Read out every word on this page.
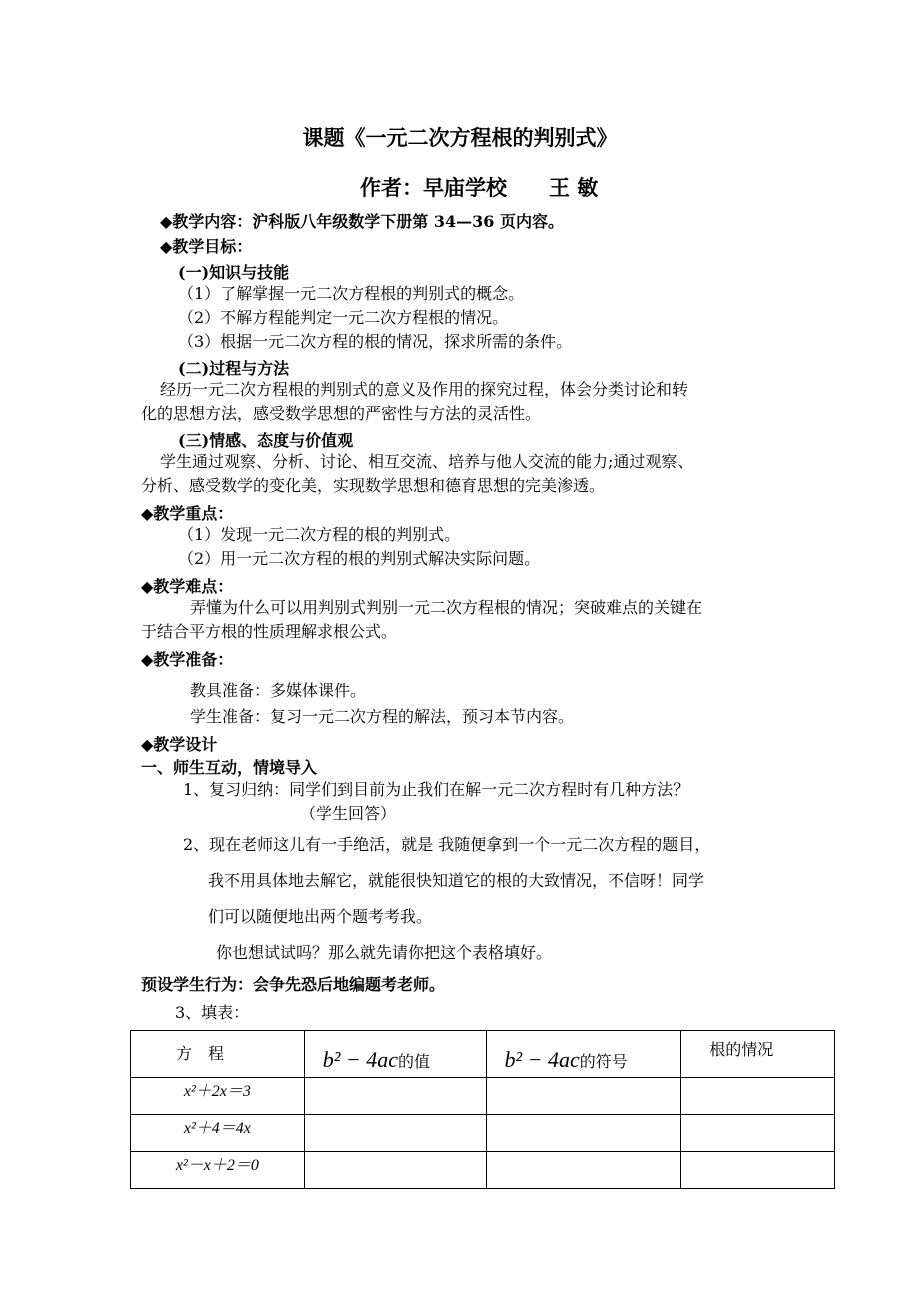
课题《一元二次方程根的判别式》
作者：早庙学校　　王 敏
◆教学内容：沪科版八年级数学下册第 34—36 页内容。
◆教学目标：
(一)知识与技能
（1）了解掌握一元二次方程根的判别式的概念。
（2）不解方程能判定一元二次方程根的情况。
（3）根据一元二次方程的根的情况，探求所需的条件。
(二)过程与方法
经历一元二次方程根的判别式的意义及作用的探究过程，体会分类讨论和转
化的思想方法，感受数学思想的严密性与方法的灵活性。
(三)情感、态度与价值观
学生通过观察、分析、讨论、相互交流、培养与他人交流的能力;通过观察、
分析、感受数学的变化美，实现数学思想和德育思想的完美渗透。
◆教学重点：
（1）发现一元二次方程的根的判别式。
（2）用一元二次方程的根的判别式解决实际问题。
◆教学难点：
弄懂为什么可以用判别式判别一元二次方程根的情况；突破难点的关键在
于结合平方根的性质理解求根公式。
◆教学准备：
教具准备：多媒体课件。
学生准备：复习一元二次方程的解法，预习本节内容。
◆教学设计
一、师生互动，情境导入
1、复习归纳：同学们到目前为止我们在解一元二次方程时有几种方法？
（学生回答）
2、现在老师这儿有一手绝活，就是 我随便拿到一个一元二次方程的题目，
我不用具体地去解它，就能很快知道它的根的大致情况，不信呀！同学
们可以随便地出两个题考考我。
你也想试试吗？那么就先请你把这个表格填好。
预设学生行为：会争先恐后地编题考老师。
3、填表：
方　程	b² − 4ac的值	b² − 4ac的符号	根的情况
x²＋2x＝3			
x²＋4＝4x			
x²－x＋2＝0			
